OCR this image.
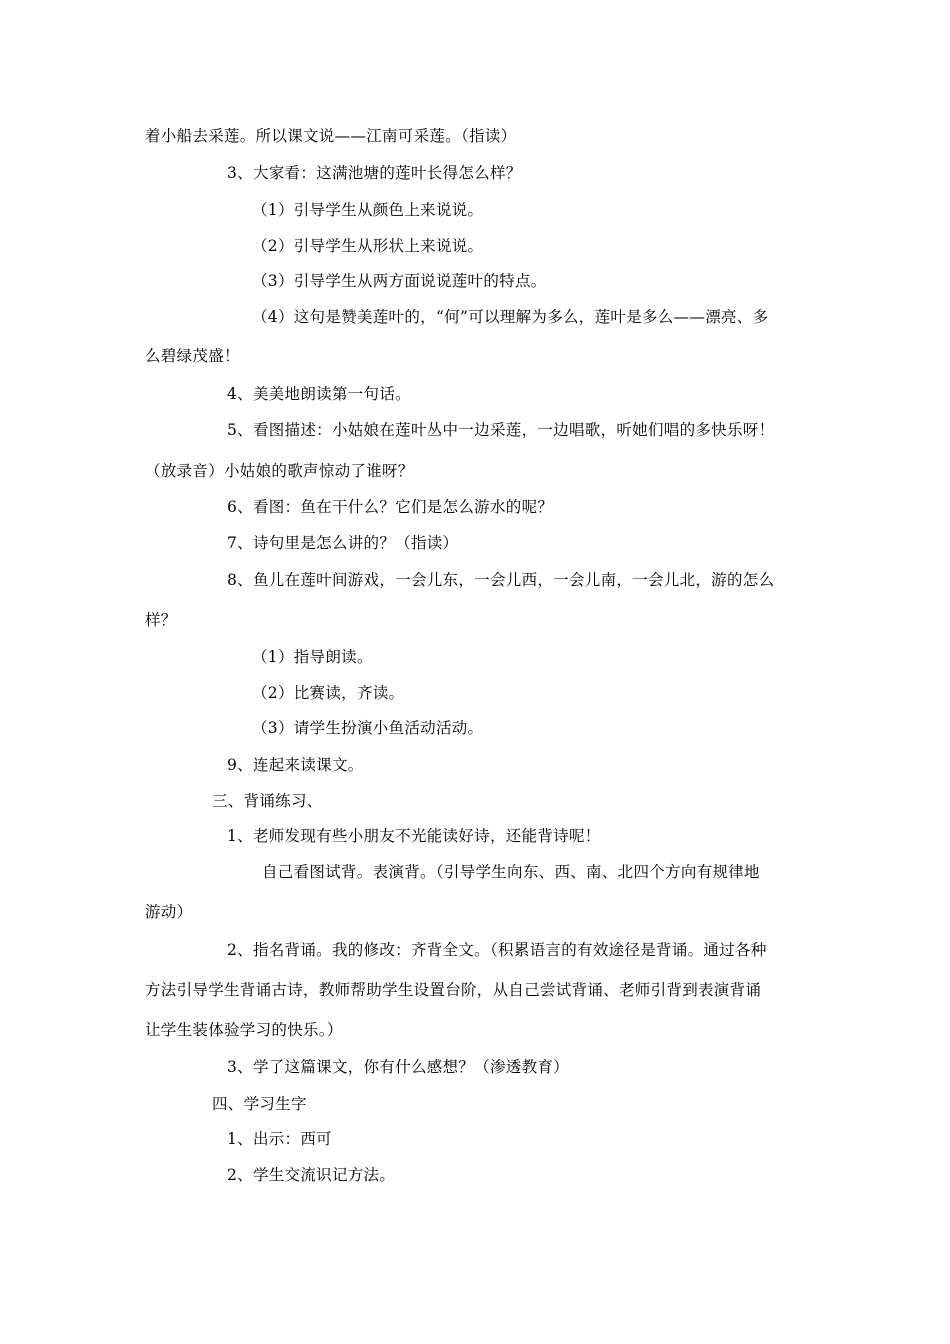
着小船去采莲。所以课文说——江南可采莲。（指读）
3、大家看：这满池塘的莲叶长得怎么样？
（1）引导学生从颜色上来说说。
（2）引导学生从形状上来说说。
（3）引导学生从两方面说说莲叶的特点。
（4）这句是赞美莲叶的，“何”可以理解为多么，莲叶是多么——漂亮、多
么碧绿茂盛！
4、美美地朗读第一句话。
5、看图描述：小姑娘在莲叶丛中一边采莲，一边唱歌，听她们唱的多快乐呀！
（放录音）小姑娘的歌声惊动了谁呀？
6、看图：鱼在干什么？它们是怎么游水的呢？
7、诗句里是怎么讲的？（指读）
8、鱼儿在莲叶间游戏，一会儿东，一会儿西，一会儿南，一会儿北，游的怎么
样？
（1）指导朗读。
（2）比赛读，齐读。
（3）请学生扮演小鱼活动活动。
9、连起来读课文。
三、背诵练习、
1、老师发现有些小朋友不光能读好诗，还能背诗呢！
自己看图试背。表演背。（引导学生向东、西、南、北四个方向有规律地
游动）
2、指名背诵。我的修改：齐背全文。（积累语言的有效途径是背诵。通过各种
方法引导学生背诵古诗，教师帮助学生设置台阶，从自己尝试背诵、老师引背到表演背诵
让学生装体验学习的快乐。）
3、学了这篇课文，你有什么感想？（渗透教育）
四、学习生字
1、出示：西可
2、学生交流识记方法。
